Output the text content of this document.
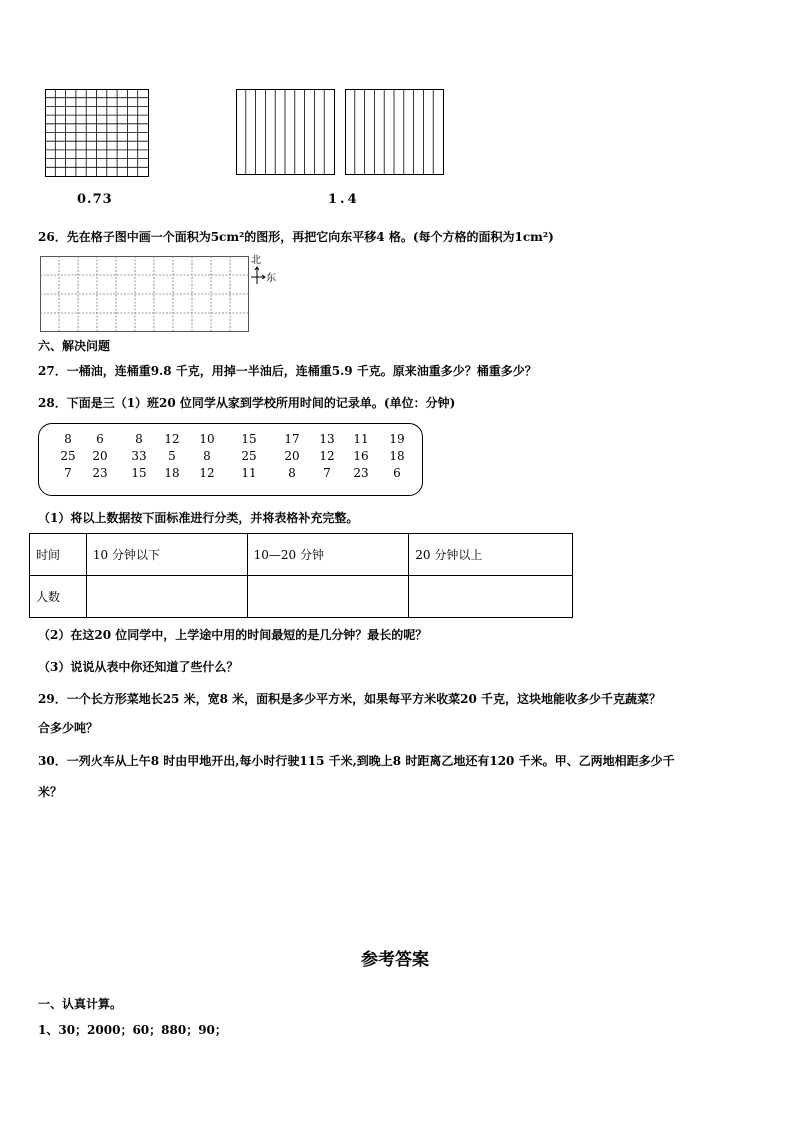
0.73	1.4
26．先在格子图中画一个面积为5cm²的图形，再把它向东平移4 格。(每个方格的面积为1cm²)
北
东
六、解决问题
27．一桶油，连桶重9.8 千克，用掉一半油后，连桶重5.9 千克。原来油重多少？桶重多少？
28．下面是三（1）班20 位同学从家到学校所用时间的记录单。(单位：分钟)
8	6	8	12	10	15	17	13	11	19
25	20	33	5	8	25	20	12	16	18
7	23	15	18	12	11	8	7	23	6
（1）将以上数据按下面标准进行分类，并将表格补充完整。
时间	10 分钟以下	10—20 分钟	20 分钟以上
人数			
（2）在这20 位同学中，上学途中用的时间最短的是几分钟？最长的呢？
（3）说说从表中你还知道了些什么？
29．一个长方形菜地长25 米，宽8 米，面积是多少平方米，如果每平方米收菜20 千克，这块地能收多少千克蔬菜？
合多少吨？
30．一列火车从上午8 时由甲地开出,每小时行驶115 千米,到晚上8 时距离乙地还有120 千米。甲、乙两地相距多少千
米？
参考答案
一、认真计算。
1、30；2000；60；880；90；
